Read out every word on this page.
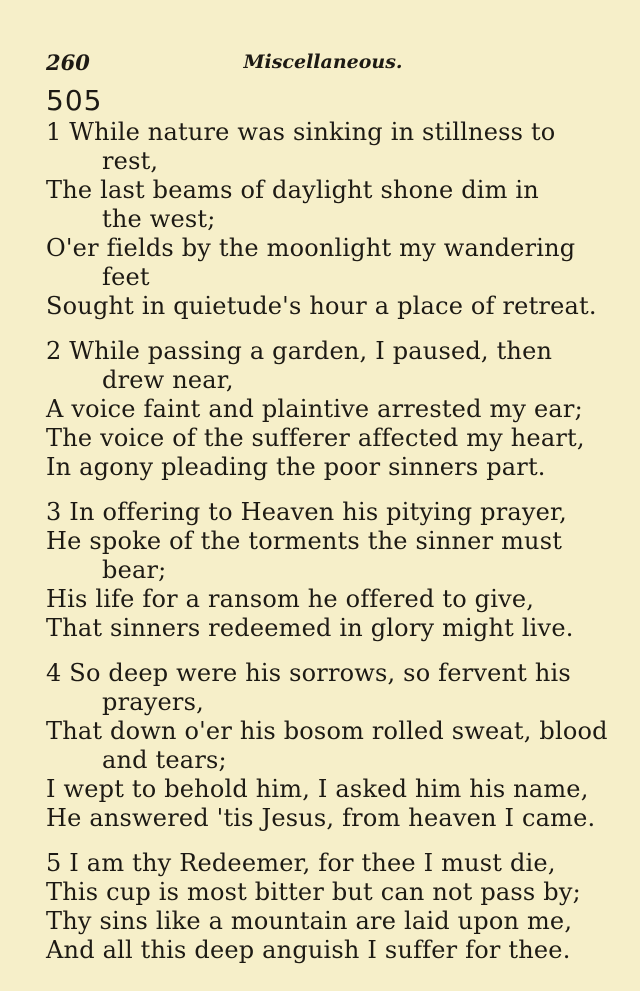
260	Miscellaneous.
505
1 While nature was sinking in stillness to
rest,
The last beams of daylight shone dim in
the west;
O'er fields by the moonlight my wandering
feet
Sought in quietude's hour a place of retreat.
2 While passing a garden, I paused, then
drew near,
A voice faint and plaintive arrested my ear;
The voice of the sufferer affected my heart,
In agony pleading the poor sinners part.
3 In offering to Heaven his pitying prayer,
He spoke of the torments the sinner must
bear;
His life for a ransom he offered to give,
That sinners redeemed in glory might live.
4 So deep were his sorrows, so fervent his
prayers,
That down o'er his bosom rolled sweat, blood
and tears;
I wept to behold him, I asked him his name,
He answered 'tis Jesus, from heaven I came.
5 I am thy Redeemer, for thee I must die,
This cup is most bitter but can not pass by;
Thy sins like a mountain are laid upon me,
And all this deep anguish I suffer for thee.
